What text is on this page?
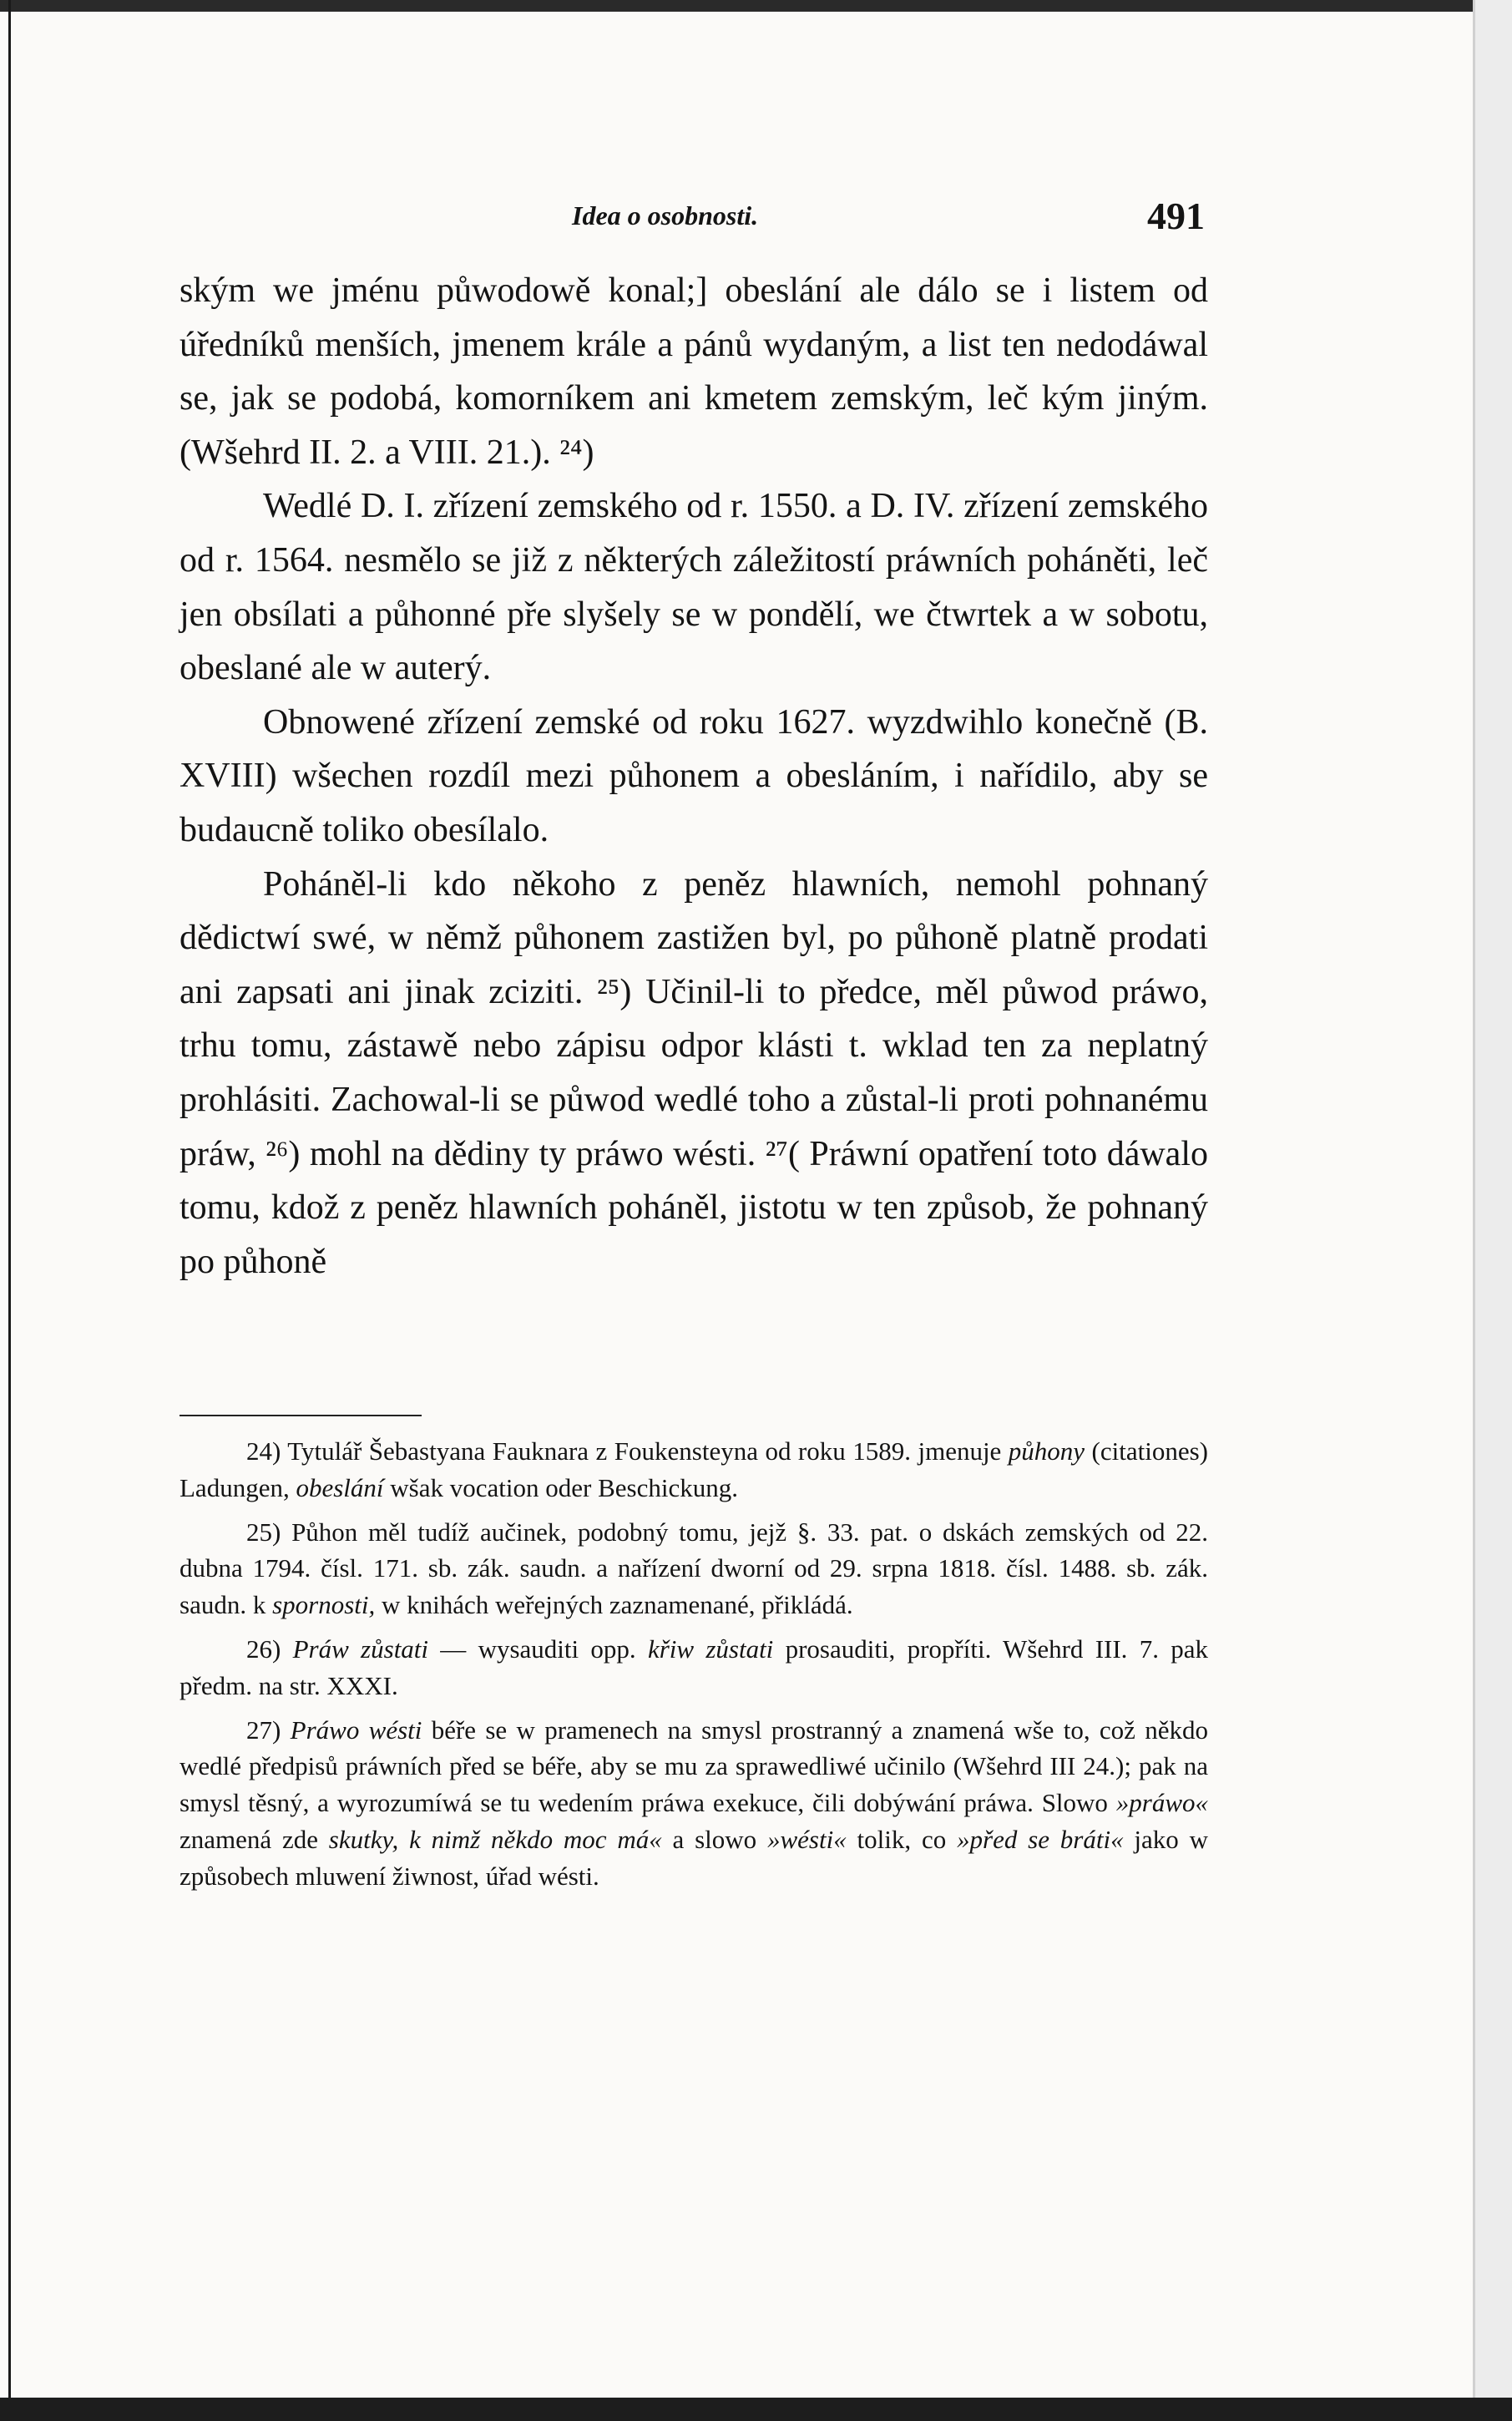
Idea o osobnosti.	491

ským we jménu půwodowě konal;] obeslání ale dálo se i listem od úředníků menších, jmenem krále a pánů wydaným, a list ten nedodáwal se, jak se podobá, komorníkem ani kmetem zemským, leč kým jiným. (Wšehrd II. 2. a VIII. 21.). ²⁴)

Wedlé D. I. zřízení zemského od r. 1550. a D. IV. zřízení zemského od r. 1564. nesmělo se již z některých záležitostí práwních poháněti, leč jen obsílati a půhonné pře slyšely se w pondělí, we čtwrtek a w sobotu, obeslané ale w auterý.

Obnowené zřízení zemské od roku 1627. wyzdwihlo konečně (B. XVIII) wšechen rozdíl mezi půhonem a obesláním, i nařídilo, aby se budaucně toliko obesílalo.

Poháněl-li kdo někoho z peněz hlawních, nemohl pohnaný dědictwí swé, w němž půhonem zastižen byl, po půhoně platně prodati ani zapsati ani jinak zciziti. ²⁵) Učinil-li to předce, měl půwod práwo, trhu tomu, zástawě nebo zápisu odpor klásti t. wklad ten za neplatný prohlásiti. Zachowal-li se půwod wedlé toho a zůstal-li proti pohnanému práw, ²⁶) mohl na dědiny ty práwo wésti. ²⁷( Práwní opatření toto dáwalo tomu, kdož z peněz hlawních poháněl, jistotu w ten způsob, že pohnaný po půhoně

24) Tytulář Šebastyana Fauknara z Foukensteyna od roku 1589. jmenuje půhony (citationes) Ladungen, obeslání wšak vocation oder Beschickung.

25) Půhon měl tudíž aučinek, podobný tomu, jejž §. 33. pat. o dskách zemských od 22. dubna 1794. čísl. 171. sb. zák. saudn. a nařízení dworní od 29. srpna 1818. čísl. 1488. sb. zák. saudn. k spornosti, w knihách weřejných zaznamenané, přikládá.

26) Práw zůstati — wysauditi opp. křiw zůstati prosauditi, propříti. Wšehrd III. 7. pak předm. na str. XXXI.

27) Práwo wésti béře se w pramenech na smysl prostranný a znamená wše to, což někdo wedlé předpisů práwních před se béře, aby se mu za sprawedliwé učinilo (Wšehrd III 24.); pak na smysl těsný, a wyrozumíwá se tu wedením práwa exekuce, čili dobýwání práwa. Slowo »práwo« znamená zde skutky, k nimž někdo moc má« a slowo »wésti« tolik, co »před se bráti« jako w způsobech mluwení žiwnost, úřad wésti.
